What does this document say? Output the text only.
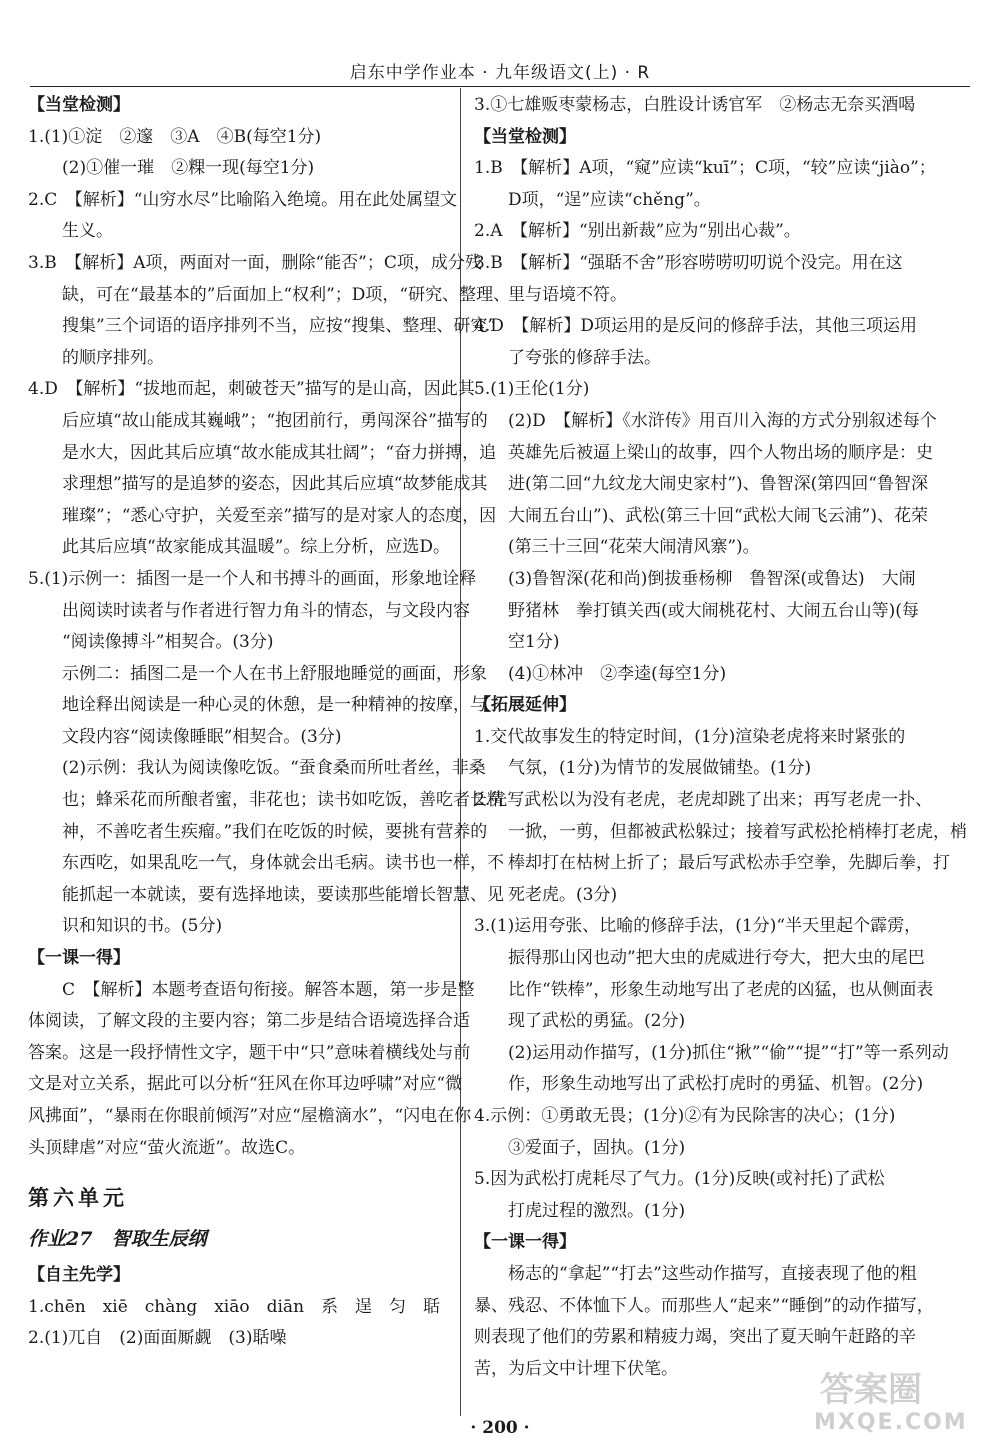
启东中学作业本 · 九年级语文(上) · R
【当堂检测】
1.(1)①淀　②邃　③A　④B(每空1分)
(2)①催一璀　②粿一现(每空1分)
2.C　【解析】“山穷水尽”比喻陷入绝境。用在此处属望文
生义。
3.B　【解析】A项，两面对一面，删除“能否”；C项，成分残
缺，可在“最基本的”后面加上“权利”；D项，“研究、整理、
搜集”三个词语的语序排列不当，应按“搜集、整理、研究”
的顺序排列。
4.D　【解析】“拔地而起，刺破苍天”描写的是山高，因此其
后应填“故山能成其巍峨”；“抱团前行，勇闯深谷”描写的
是水大，因此其后应填“故水能成其壮阔”；“奋力拼搏，追
求理想”描写的是追梦的姿态，因此其后应填“故梦能成其
璀璨”；“悉心守护，关爱至亲”描写的是对家人的态度，因
此其后应填“故家能成其温暖”。综上分析，应选D。
5.(1)示例一：插图一是一个人和书搏斗的画面，形象地诠释
出阅读时读者与作者进行智力角斗的情态，与文段内容
“阅读像搏斗”相契合。(3分)
示例二：插图二是一个人在书上舒服地睡觉的画面，形象
地诠释出阅读是一种心灵的休憩，是一种精神的按摩，与
文段内容“阅读像睡眠”相契合。(3分)
(2)示例：我认为阅读像吃饭。“蚕食桑而所吐者丝，非桑
也；蜂采花而所酿者蜜，非花也；读书如吃饭，善吃者长精
神，不善吃者生疾瘤。”我们在吃饭的时候，要挑有营养的
东西吃，如果乱吃一气，身体就会出毛病。读书也一样，不
能抓起一本就读，要有选择地读，要读那些能增长智慧、见
识和知识的书。(5分)
【一课一得】
C　【解析】本题考查语句衔接。解答本题，第一步是整
体阅读，了解文段的主要内容；第二步是结合语境选择合适
答案。这是一段抒情性文字，题干中“只”意味着横线处与前
文是对立关系，据此可以分析“狂风在你耳边呼啸”对应“微
风拂面”，“暴雨在你眼前倾泻”对应“屋檐滴水”，“闪电在你
头顶肆虐”对应“萤火流逝”。故选C。
第六单元
作业27　智取生辰纲
【自主先学】
1.chēn　xiē　chàng　xiāo　diān　系　逞　匀　聒
2.(1)兀自　(2)面面厮觑　(3)聒噪
3.①七雄贩枣蒙杨志，白胜设计诱官军　②杨志无奈买酒喝
【当堂检测】
1.B　【解析】A项，“窥”应读“kuī”；C项，“较”应读“jiào”；
D项，“逞”应读“chěng”。
2.A　【解析】“别出新裁”应为“别出心裁”。
3.B　【解析】“强聒不舍”形容唠唠叨叨说个没完。用在这
里与语境不符。
4.D　【解析】D项运用的是反问的修辞手法，其他三项运用
了夸张的修辞手法。
5.(1)王伦(1分)
(2)D　【解析】《水浒传》用百川入海的方式分别叙述每个
英雄先后被逼上梁山的故事，四个人物出场的顺序是：史
进(第二回“九纹龙大闹史家村”)、鲁智深(第四回“鲁智深
大闹五台山”)、武松(第三十回“武松大闹飞云浦”)、花荣
(第三十三回“花荣大闹清风寨”)。
(3)鲁智深(花和尚)倒拔垂杨柳　鲁智深(或鲁达)　大闹
野猪林　拳打镇关西(或大闹桃花村、大闹五台山等)(每
空1分)
(4)①林冲　②李逵(每空1分)
【拓展延伸】
1.交代故事发生的特定时间，(1分)渲染老虎将来时紧张的
气氛，(1分)为情节的发展做铺垫。(1分)
2.先写武松以为没有老虎，老虎却跳了出来；再写老虎一扑、
一掀，一剪，但都被武松躲过；接着写武松抡梢棒打老虎，梢
棒却打在枯树上折了；最后写武松赤手空拳，先脚后拳，打
死老虎。(3分)
3.(1)运用夸张、比喻的修辞手法，(1分)“半天里起个霹雳，
振得那山冈也动”把大虫的虎威进行夸大，把大虫的尾巴
比作“铁棒”，形象生动地写出了老虎的凶猛，也从侧面表
现了武松的勇猛。(2分)
(2)运用动作描写，(1分)抓住“揪”“偷”“提”“打”等一系列动
作，形象生动地写出了武松打虎时的勇猛、机智。(2分)
4.示例：①勇敢无畏；(1分)②有为民除害的决心；(1分)
③爱面子，固执。(1分)
5.因为武松打虎耗尽了气力。(1分)反映(或衬托)了武松
打虎过程的激烈。(1分)
【一课一得】
杨志的“拿起”“打去”这些动作描写，直接表现了他的粗
暴、残忍、不体恤下人。而那些人“起来”“睡倒”的动作描写，
则表现了他们的劳累和精疲力竭，突出了夏天晌午赶路的辛
苦，为后文中计埋下伏笔。
· 200 ·
答案圈
MXQE.COM
